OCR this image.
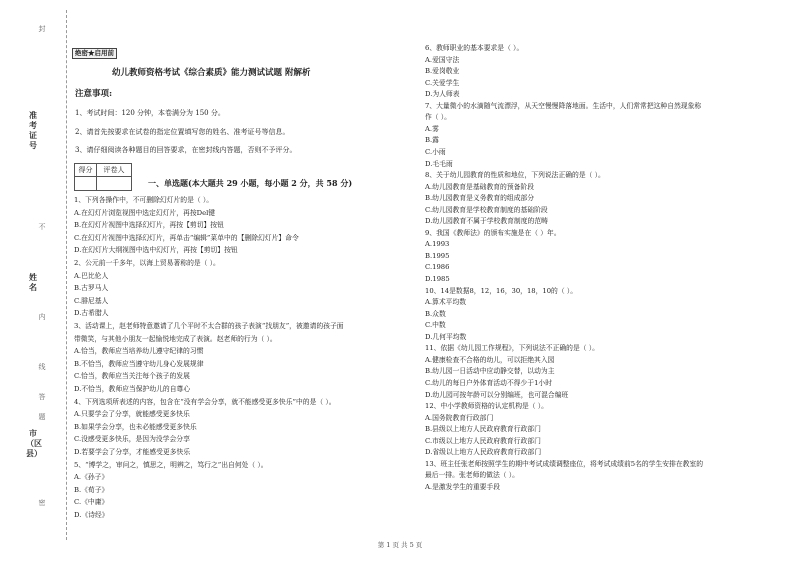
准考证号
姓名
市（区县）
封
不
内
线
答
题
密
绝密★启用前
幼儿教师资格考试《综合素质》能力测试试题 附解析
注意事项:
1、考试时间：120 分钟，本卷满分为 150 分。
2、请首先按要求在试卷的指定位置填写您的姓名、准考证号等信息。
3、请仔细阅读各种题目的回答要求，在密封线内答题，否则不予评分。
得分	评卷人
一、单选题(本大题共 29 小题，每小题 2 分，共 58 分)
1、下列各操作中，不可删除幻灯片的是（ ）。
A.在幻灯片浏览视图中选定幻灯片，再按Del键
B.在幻灯片视图中选择幻灯片，再按【剪切】按钮
C.在幻灯片视图中选择幻灯片，再单击“编辑”菜单中的【删除幻灯片】命令
D.在幻灯片大纲视图中选中幻灯片，再按【剪切】按钮
2、公元前一千多年，以海上贸易著称的是（ ）。
A.巴比伦人
B.古罗马人
C.腓尼基人
D.古希腊人
3、活动课上，赵老师特意邀请了几个平时不太合群的孩子表演“找朋友”，被邀请的孩子面
带微笑，与其他小朋友一起愉悦地完成了表演。赵老师的行为（ ）。
A.恰当，教师应当培养幼儿遵守纪律的习惯
B.不恰当，教师应当遵守幼儿身心发展规律
C.恰当，教师应当关注每个孩子的发展
D.不恰当，教师应当保护幼儿的自尊心
4、下列选项所表述的内容，包含在“没有学会分享，就不能感受更多快乐”中的是（ ）。
A.只要学会了分享，就能感受更多快乐
B.如果学会分享，也未必能感受更多快乐
C.没感受更多快乐，是因为没学会分享
D.若要学会了分享，才能感受更多快乐
5、“博学之，审问之，慎思之，明辨之，笃行之”出自何处（ ）。
A.《孙子》
B.《荀子》
C.《中庸》
D.《诗经》
6、教师职业的基本要求是（ ）。
A.爱国守法
B.爱岗敬业
C.关爱学生
D.为人师表
7、大量微小的水滴随气流漂浮，从天空慢慢降落地面。生活中，人们常常把这种自然现象称
作（ ）。
A.雾
B.露
C.小雨
D.毛毛雨
8、关于幼儿园教育的性质和地位，下列说法正确的是（ ）。
A.幼儿园教育是基础教育的预备阶段
B.幼儿园教育是义务教育的组成部分
C.幼儿园教育是学校教育制度的基础阶段
D.幼儿园教育不属于学校教育制度的范畴
9、我国《教师法》的颁布实施是在（ ）年。
A.1993
B.1995
C.1986
D.1985
10、14是数据8，12，16，30，18，10的（ ）。
A.算术平均数
B.众数
C.中数
D.几何平均数
11、依据《幼儿园工作规程》，下列说法不正确的是（ ）。
A.健康检查不合格的幼儿，可以拒绝其入园
B.幼儿园一日活动中应动静交替，以动为主
C.幼儿的每日户外体育活动不得少于1小时
D.幼儿园可按年龄可以分别编班，也可混合编班
12、中小学教师资格的认定机构是（ ）。
A.国务院教育行政部门
B.县级以上地方人民政府教育行政部门
C.市级以上地方人民政府教育行政部门
D.省级以上地方人民政府教育行政部门
13、班主任张老师按照学生的期中考试成绩调整座位，将考试成绩前5名的学生安排在教室的
最后一排。张老师的做法（ ）。
A.是激发学生的重要手段
第 1 页 共 5 页
